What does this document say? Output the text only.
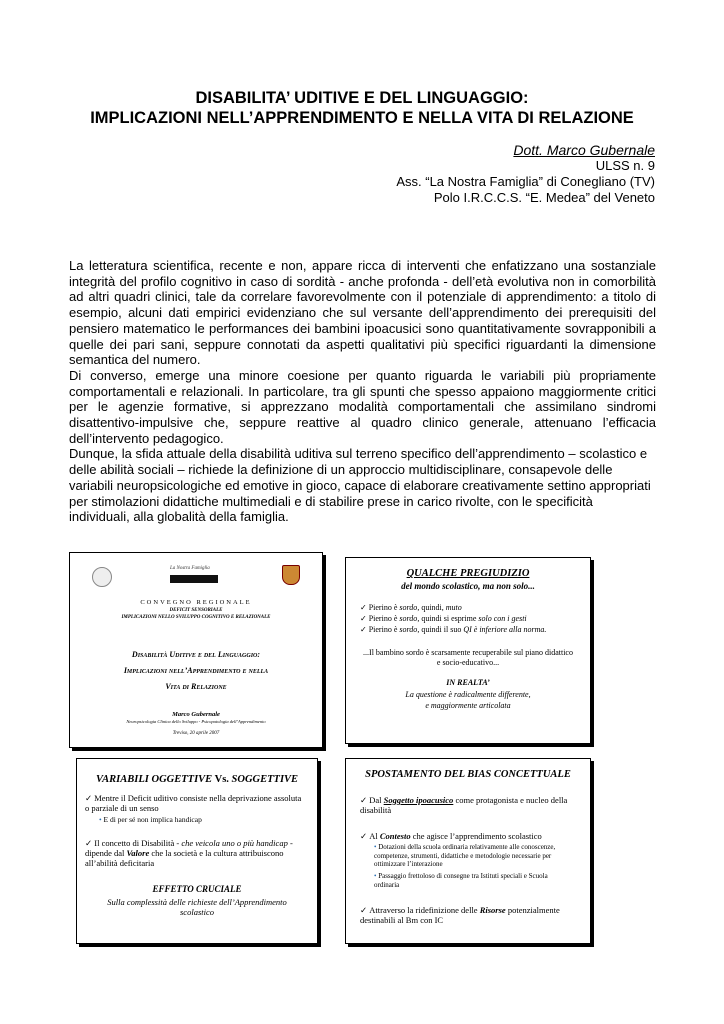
DISABILITA’ UDITIVE E DEL LINGUAGGIO:
IMPLICAZIONI NELL’APPRENDIMENTO E NELLA VITA DI RELAZIONE
Dott. Marco Gubernale
ULSS n. 9
Ass. “La Nostra Famiglia” di Conegliano (TV)
Polo I.R.C.C.S. “E. Medea” del Veneto

La letteratura scientifica, recente e non, appare ricca di interventi che enfatizzano una sostanziale integrità del profilo cognitivo in caso di sordità - anche profonda - dell’età evolutiva non in comorbilità ad altri quadri clinici, tale da correlare favorevolmente con il potenziale di apprendimento: a titolo di esempio, alcuni dati empirici evidenziano che sul versante dell’apprendimento dei prerequisiti del pensiero matematico le performances dei bambini ipoacusici sono quantitativamente sovrapponibili a quelle dei pari sani, seppure connotati da aspetti qualitativi più specifici riguardanti la dimensione semantica del numero.

Di converso, emerge una minore coesione per quanto riguarda le variabili più propriamente comportamentali e relazionali. In particolare, tra gli spunti che spesso appaiono maggiormente critici per le agenzie formative, si apprezzano modalità comportamentali che assimilano sindromi disattentivo-impulsive che, seppure reattive al quadro clinico generale, attenuano l’efficacia dell’intervento pedagogico.

Dunque, la sfida attuale della disabilità uditiva sul terreno specifico dell’apprendimento – scolastico e delle abilità sociali – richiede la definizione di un approccio multidisciplinare, consapevole delle variabili neuropsicologiche ed emotive in gioco, capace di elaborare creativamente settino appropriati per stimolazioni didattiche multimediali e di stabilire prese in carico rivolte, con le specificità individuali, alla globalità della famiglia.

La Nostra Famiglia
CONVEGNO REGIONALE
DEFICIT SENSORIALE
IMPLICAZIONI NELLO SVILUPPO COGNITIVO E RELAZIONALE
Disabilità Uditive e del Linguaggio:
Implicazioni nell’Apprendimento e nella
Vita di Relazione
Marco Gubernale
Neuropsicologia Clinica dello Sviluppo - Psicopatologia dell’Apprendimento
Treviso, 20 aprile 2007
QUALCHE PREGIUDIZIO
del mondo scolastico, ma non solo...
✓ Pierino è sordo, quindi, muto
✓ Pierino è sordo, quindi si esprime solo con i gesti
✓ Pierino è sordo, quindi il suo QI è inferiore alla norma.
...Il bambino sordo è scarsamente recuperabile sul piano didattico
e socio-educativo...
IN REALTA’
La questione è radicalmente differente,
e maggiormente articolata
VARIABILI OGGETTIVE Vs. SOGGETTIVE
✓ Mentre il Deficit uditivo consiste nella deprivazione assoluta o parziale di un senso
• E di per sé non implica handicap
✓ Il concetto di Disabilità - che veicola uno o più handicap - dipende dal Valore che la società e la cultura attribuiscono all’abilità deficitaria
EFFETTO CRUCIALE
Sulla complessità delle richieste dell’Apprendimento
scolastico
SPOSTAMENTO DEL BIAS CONCETTUALE
✓ Dal Soggetto ipoacusico come protagonista e nucleo della disabilità
✓ Al Contesto che agisce l’apprendimento scolastico
• Dotazioni della scuola ordinaria relativamente alle conoscenze, competenze, strumenti, didattiche e metodologie necessarie per ottimizzare l’interazione
• Passaggio frettoloso di consegne tra Istituti speciali e Scuola ordinaria
✓ Attraverso la ridefinizione delle Risorse potenzialmente destinabili al Bm con IC
